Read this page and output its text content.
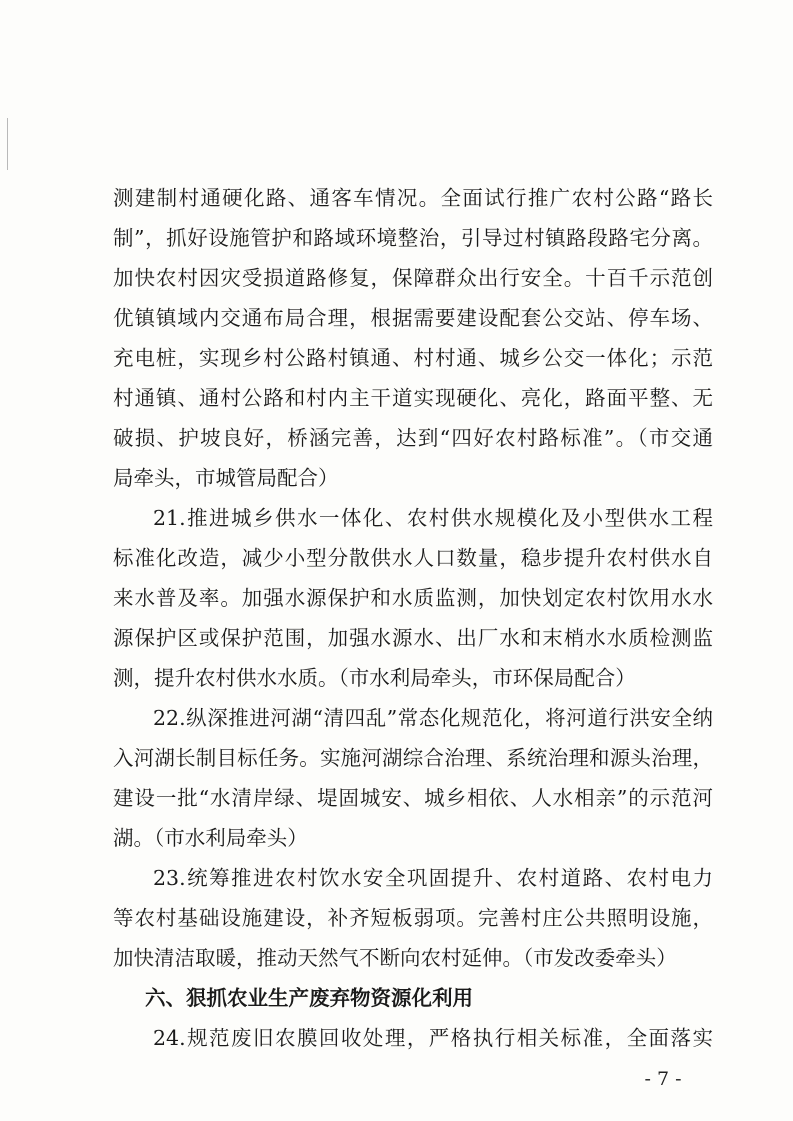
测建制村通硬化路、通客车情况。全面试行推广农村公路“路长
制”，抓好设施管护和路域环境整治，引导过村镇路段路宅分离。
加快农村因灾受损道路修复，保障群众出行安全。十百千示范创
优镇镇域内交通布局合理，根据需要建设配套公交站、停车场、
充电桩，实现乡村公路村镇通、村村通、城乡公交一体化；示范
村通镇、通村公路和村内主干道实现硬化、亮化，路面平整、无
破损、护坡良好，桥涵完善，达到“四好农村路标准”。（市交通
局牵头，市城管局配合）
21.推进城乡供水一体化、农村供水规模化及小型供水工程
标准化改造，减少小型分散供水人口数量，稳步提升农村供水自
来水普及率。加强水源保护和水质监测，加快划定农村饮用水水
源保护区或保护范围，加强水源水、出厂水和末梢水水质检测监
测，提升农村供水水质。（市水利局牵头，市环保局配合）
22.纵深推进河湖“清四乱”常态化规范化，将河道行洪安全纳
入河湖长制目标任务。实施河湖综合治理、系统治理和源头治理，
建设一批“水清岸绿、堤固城安、城乡相依、人水相亲”的示范河
湖。（市水利局牵头）
23.统筹推进农村饮水安全巩固提升、农村道路、农村电力
等农村基础设施建设，补齐短板弱项。完善村庄公共照明设施，
加快清洁取暖，推动天然气不断向农村延伸。（市发改委牵头）
六、狠抓农业生产废弃物资源化利用
24.规范废旧农膜回收处理，严格执行相关标准，全面落实
- 7 -
